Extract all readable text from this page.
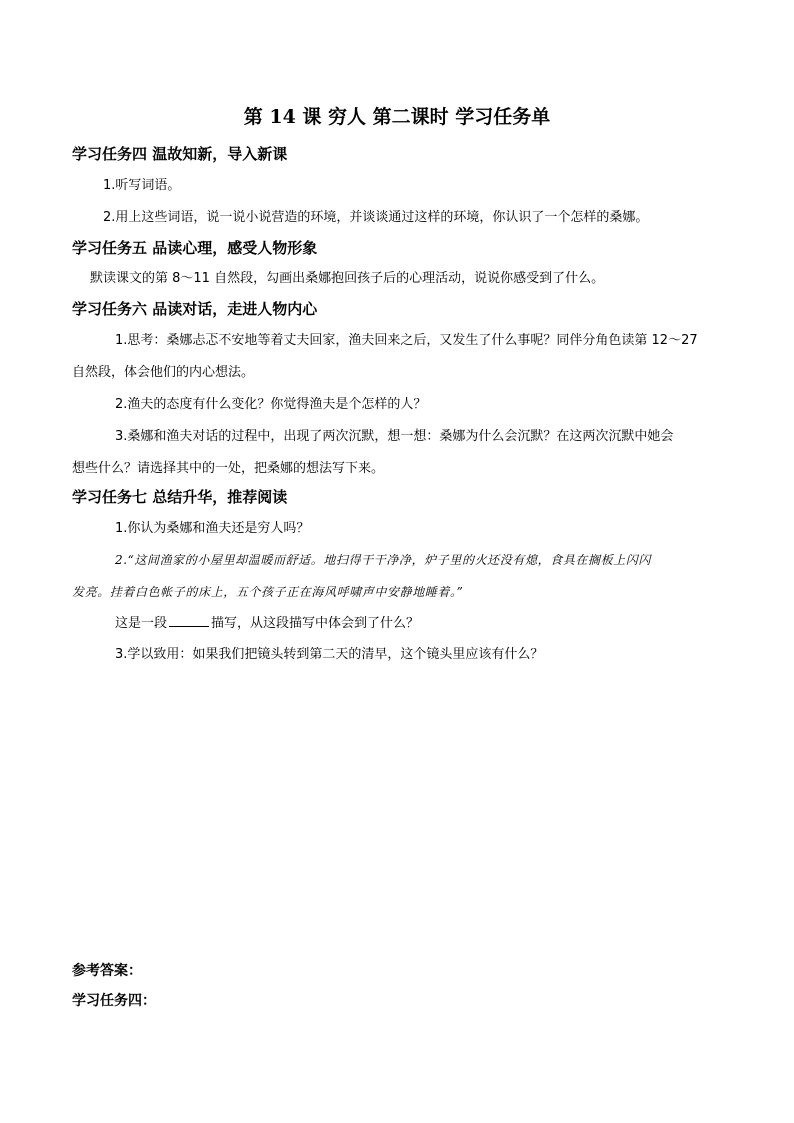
第 14 课 穷人 第二课时 学习任务单
学习任务四 温故知新，导入新课
1.听写词语。
2.用上这些词语，说一说小说营造的环境，并谈谈通过这样的环境，你认识了一个怎样的桑娜。
学习任务五 品读心理，感受人物形象
默读课文的第 8～11 自然段，勾画出桑娜抱回孩子后的心理活动，说说你感受到了什么。
学习任务六 品读对话，走进人物内心
1.思考：桑娜忐忑不安地等着丈夫回家，渔夫回来之后，又发生了什么事呢？同伴分角色读第 12～27
自然段，体会他们的内心想法。
2.渔夫的态度有什么变化？你觉得渔夫是个怎样的人？
3.桑娜和渔夫对话的过程中，出现了两次沉默，想一想：桑娜为什么会沉默？在这两次沉默中她会
想些什么？请选择其中的一处，把桑娜的想法写下来。
学习任务七 总结升华，推荐阅读
1.你认为桑娜和渔夫还是穷人吗？
2.“这间渔家的小屋里却温暖而舒适。地扫得干干净净，炉子里的火还没有熄，食具在搁板上闪闪
发亮。挂着白色帐子的床上，五个孩子正在海风呼啸声中安静地睡着。”
这是一段	描写，从这段描写中体会到了什么？
3.学以致用：如果我们把镜头转到第二天的清早，这个镜头里应该有什么？
参考答案：
学习任务四：
